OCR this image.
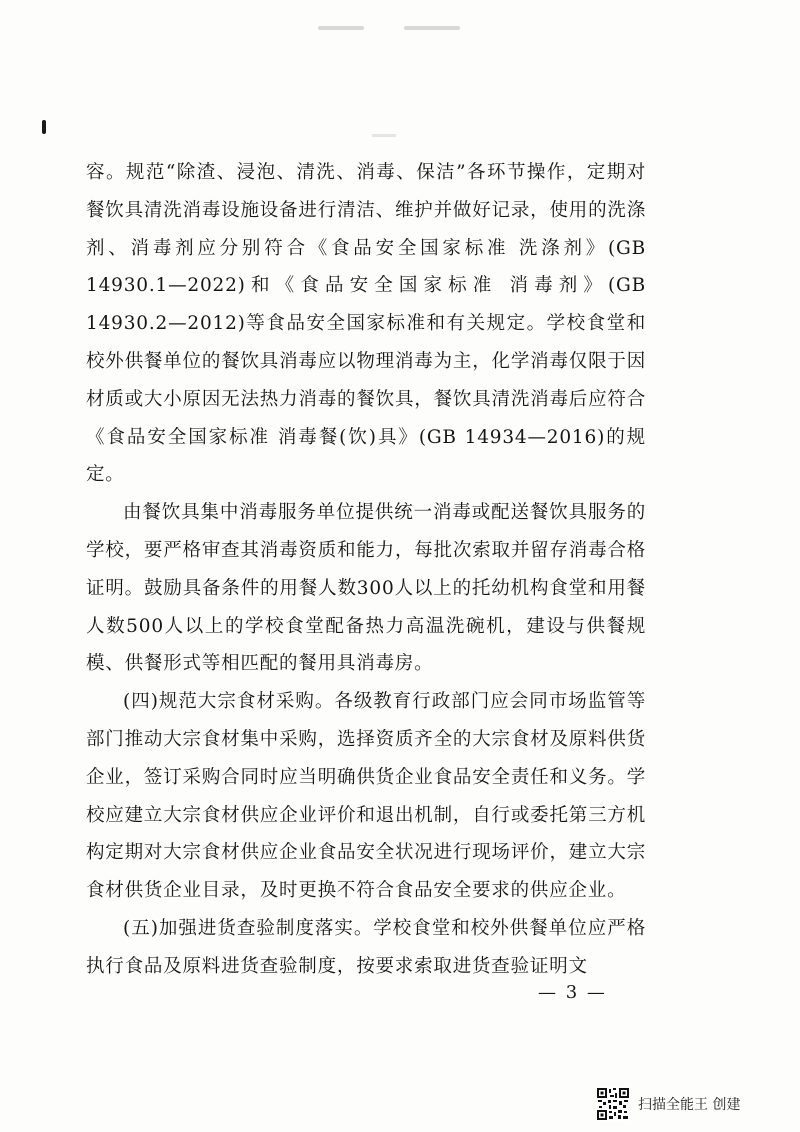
容。规范“除渣、浸泡、清洗、消毒、保洁”各环节操作，定期对餐饮具清洗消毒设施设备进行清洁、维护并做好记录，使用的洗涤剂、消毒剂应分别符合《食品安全国家标准 洗涤剂》(GB 14930.1—2022)和《食品安全国家标准 消毒剂》(GB 14930.2—2012)等食品安全国家标准和有关规定。学校食堂和校外供餐单位的餐饮具消毒应以物理消毒为主，化学消毒仅限于因材质或大小原因无法热力消毒的餐饮具，餐饮具清洗消毒后应符合《食品安全国家标准 消毒餐(饮)具》(GB 14934—2016)的规定。

由餐饮具集中消毒服务单位提供统一消毒或配送餐饮具服务的学校，要严格审查其消毒资质和能力，每批次索取并留存消毒合格证明。鼓励具备条件的用餐人数300人以上的托幼机构食堂和用餐人数500人以上的学校食堂配备热力高温洗碗机，建设与供餐规模、供餐形式等相匹配的餐用具消毒房。

(四)规范大宗食材采购。各级教育行政部门应会同市场监管等部门推动大宗食材集中采购，选择资质齐全的大宗食材及原料供货企业，签订采购合同时应当明确供货企业食品安全责任和义务。学校应建立大宗食材供应企业评价和退出机制，自行或委托第三方机构定期对大宗食材供应企业食品安全状况进行现场评价，建立大宗食材供货企业目录，及时更换不符合食品安全要求的供应企业。

(五)加强进货查验制度落实。学校食堂和校外供餐单位应严格执行食品及原料进货查验制度，按要求索取进货查验证明文

— 3 —
扫描全能王 创建
